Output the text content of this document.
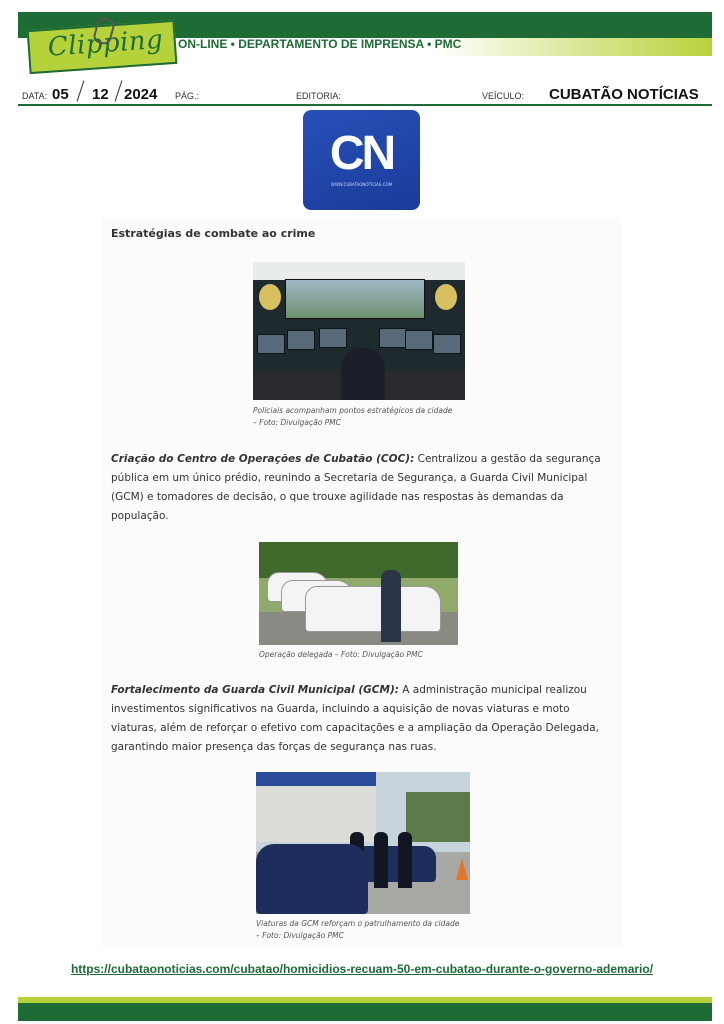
Clipping ON-LINE • DEPARTAMENTO DE IMPRENSA • PMC
DATA: 05 12 2024 PÁG.:	EDITORIA:	VEÍCULO: CUBATÃO NOTÍCIAS
CN
WWW.CUBATAONOTICIAS.COM
Estratégias de combate ao crime
Policiais acompanham pontos estratégicos da cidade
– Foto: Divulgação PMC
Criação do Centro de Operações de Cubatão (COC): Centralizou a gestão da segurança pública em um único prédio, reunindo a Secretaria de Segurança, a Guarda Civil Municipal (GCM) e tomadores de decisão, o que trouxe agilidade nas respostas às demandas da população.
Operação delegada – Foto: Divulgação PMC
Fortalecimento da Guarda Civil Municipal (GCM): A administração municipal realizou investimentos significativos na Guarda, incluindo a aquisição de novas viaturas e moto viaturas, além de reforçar o efetivo com capacitações e a ampliação da Operação Delegada, garantindo maior presença das forças de segurança nas ruas.
Viaturas da GCM reforçam o patrulhamento da cidade
– Foto: Divulgação PMC
https://cubataonoticias.com/cubatao/homicidios-recuam-50-em-cubatao-durante-o-governo-ademario/
